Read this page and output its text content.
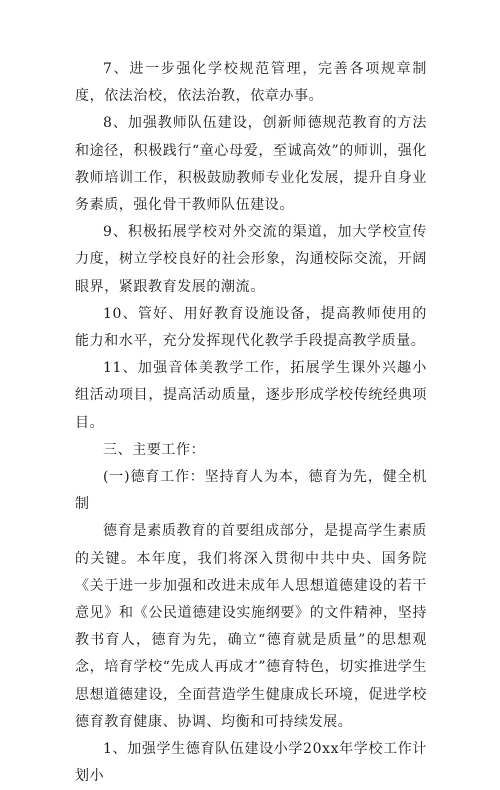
7、进一步强化学校规范管理，完善各项规章制度，依法治校，依法治教，依章办事。

8、加强教师队伍建设，创新师德规范教育的方法和途径，积极践行“童心母爱，至诚高效”的师训，强化教师培训工作，积极鼓励教师专业化发展，提升自身业务素质，强化骨干教师队伍建设。

9、积极拓展学校对外交流的渠道，加大学校宣传力度，树立学校良好的社会形象，沟通校际交流，开阔眼界，紧跟教育发展的潮流。

10、管好、用好教育设施设备，提高教师使用的能力和水平，充分发挥现代化教学手段提高教学质量。

11、加强音体美教学工作，拓展学生课外兴趣小组活动项目，提高活动质量，逐步形成学校传统经典项目。

三、主要工作：

(一)德育工作：坚持育人为本，德育为先，健全机制

德育是素质教育的首要组成部分，是提高学生素质的关键。本年度，我们将深入贯彻中共中央、国务院《关于进一步加强和改进未成年人思想道德建设的若干意见》和《公民道德建设实施纲要》的文件精神，坚持教书育人，德育为先，确立“德育就是质量”的思想观念，培育学校“先成人再成才”德育特色，切实推进学生思想道德建设，全面营造学生健康成长环境，促进学校德育教育健康、协调、均衡和可持续发展。

1、加强学生德育队伍建设小学20xx年学校工作计划小
